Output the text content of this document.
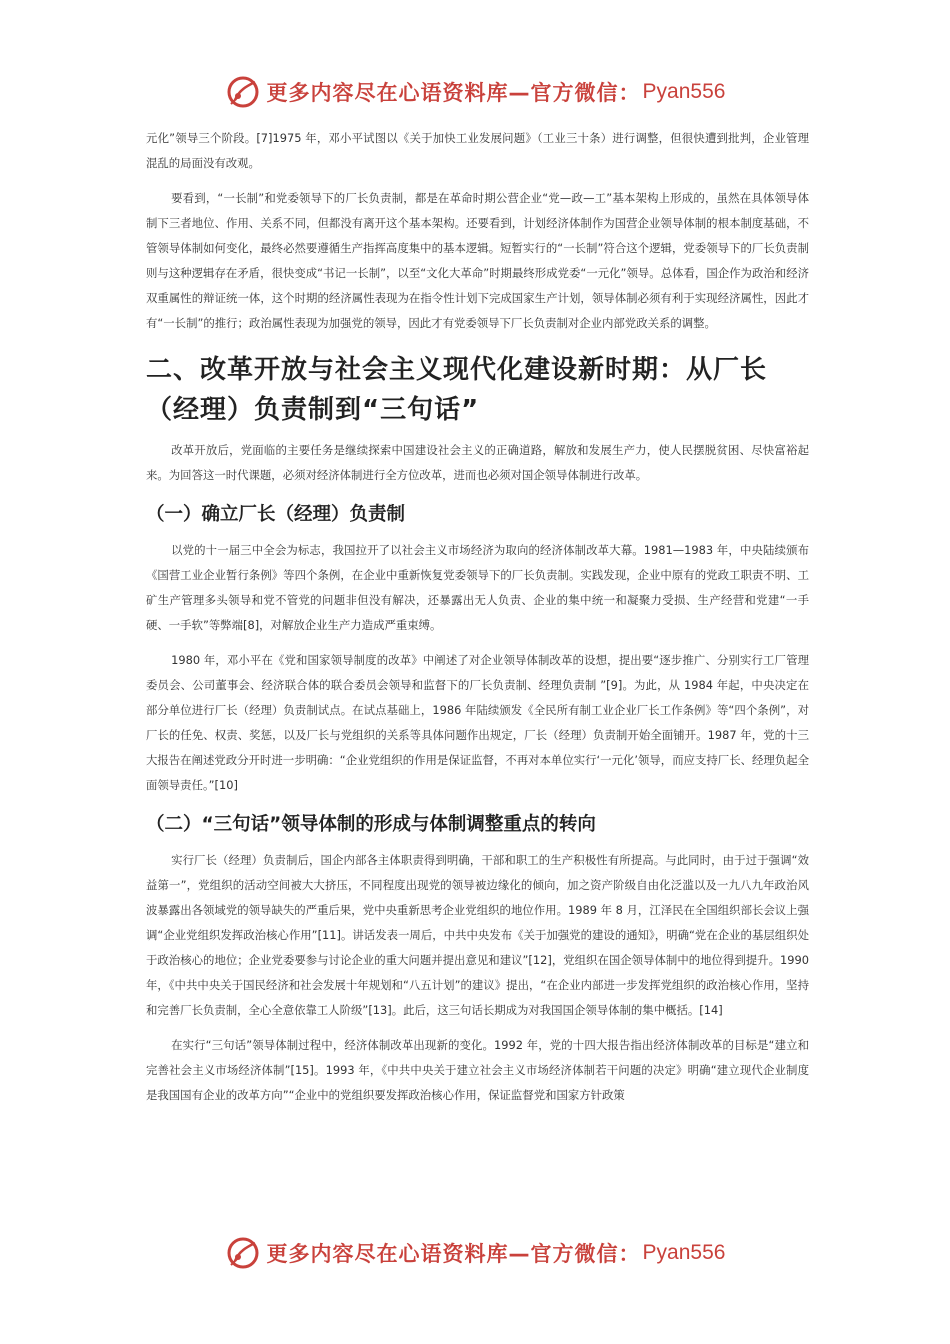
更多内容尽在心语资料库—官方微信： Pyan556

元化”领导三个阶段。[7]1975 年，邓小平试图以《关于加快工业发展问题》（工业三十条）进行调整，但很快遭到批判，企业管理混乱的局面没有改观。

要看到，“一长制”和党委领导下的厂长负责制，都是在革命时期公营企业“党—政—工”基本架构上形成的，虽然在具体领导体制下三者地位、作用、关系不同，但都没有离开这个基本架构。还要看到，计划经济体制作为国营企业领导体制的根本制度基础，不管领导体制如何变化，最终必然要遵循生产指挥高度集中的基本逻辑。短暂实行的“一长制”符合这个逻辑，党委领导下的厂长负责制则与这种逻辑存在矛盾，很快变成“书记一长制”，以至“文化大革命”时期最终形成党委“一元化”领导。总体看，国企作为政治和经济双重属性的辩证统一体，这个时期的经济属性表现为在指令性计划下完成国家生产计划，领导体制必须有利于实现经济属性，因此才有“一长制”的推行；政治属性表现为加强党的领导，因此才有党委领导下厂长负责制对企业内部党政关系的调整。

二、改革开放与社会主义现代化建设新时期：从厂长（经理）负责制到“三句话”

改革开放后，党面临的主要任务是继续探索中国建设社会主义的正确道路，解放和发展生产力，使人民摆脱贫困、尽快富裕起来。为回答这一时代课题，必须对经济体制进行全方位改革，进而也必须对国企领导体制进行改革。

（一）确立厂长（经理）负责制

以党的十一届三中全会为标志，我国拉开了以社会主义市场经济为取向的经济体制改革大幕。1981—1983 年，中央陆续颁布《国营工业企业暂行条例》等四个条例，在企业中重新恢复党委领导下的厂长负责制。实践发现，企业中原有的党政工职责不明、工矿生产管理多头领导和党不管党的问题非但没有解决，还暴露出无人负责、企业的集中统一和凝聚力受损、生产经营和党建“一手硬、一手软”等弊端[8]，对解放企业生产力造成严重束缚。

1980 年，邓小平在《党和国家领导制度的改革》中阐述了对企业领导体制改革的设想，提出要“逐步推广、分别实行工厂管理委员会、公司董事会、经济联合体的联合委员会领导和监督下的厂长负责制、经理负责制 ”[9]。为此，从 1984 年起，中央决定在部分单位进行厂长（经理）负责制试点。在试点基础上，1986 年陆续颁发《全民所有制工业企业厂长工作条例》等“四个条例”，对厂长的任免、权责、奖惩，以及厂长与党组织的关系等具体问题作出规定，厂长（经理）负责制开始全面铺开。1987 年，党的十三大报告在阐述党政分开时进一步明确：“企业党组织的作用是保证监督，不再对本单位实行‘一元化’领导，而应支持厂长、经理负起全面领导责任。”[10]

（二）“三句话”领导体制的形成与体制调整重点的转向

实行厂长（经理）负责制后，国企内部各主体职责得到明确，干部和职工的生产积极性有所提高。与此同时，由于过于强调“效益第一”，党组织的活动空间被大大挤压，不同程度出现党的领导被边缘化的倾向，加之资产阶级自由化泛滥以及一九八九年政治风波暴露出各领域党的领导缺失的严重后果，党中央重新思考企业党组织的地位作用。1989 年 8 月，江泽民在全国组织部长会议上强调“企业党组织发挥政治核心作用”[11]。讲话发表一周后，中共中央发布《关于加强党的建设的通知》，明确“党在企业的基层组织处于政治核心的地位；企业党委要参与讨论企业的重大问题并提出意见和建议”[12]，党组织在国企领导体制中的地位得到提升。1990 年，《中共中央关于国民经济和社会发展十年规划和“八五计划”的建议》提出，“在企业内部进一步发挥党组织的政治核心作用，坚持和完善厂长负责制，全心全意依靠工人阶级”[13]。此后，这三句话长期成为对我国国企领导体制的集中概括。[14]

在实行“三句话”领导体制过程中，经济体制改革出现新的变化。1992 年，党的十四大报告指出经济体制改革的目标是“建立和完善社会主义市场经济体制”[15]。1993 年，《中共中央关于建立社会主义市场经济体制若干问题的决定》明确“建立现代企业制度是我国国有企业的改革方向”“企业中的党组织要发挥政治核心作用，保证监督党和国家方针政策

更多内容尽在心语资料库—官方微信： Pyan556
